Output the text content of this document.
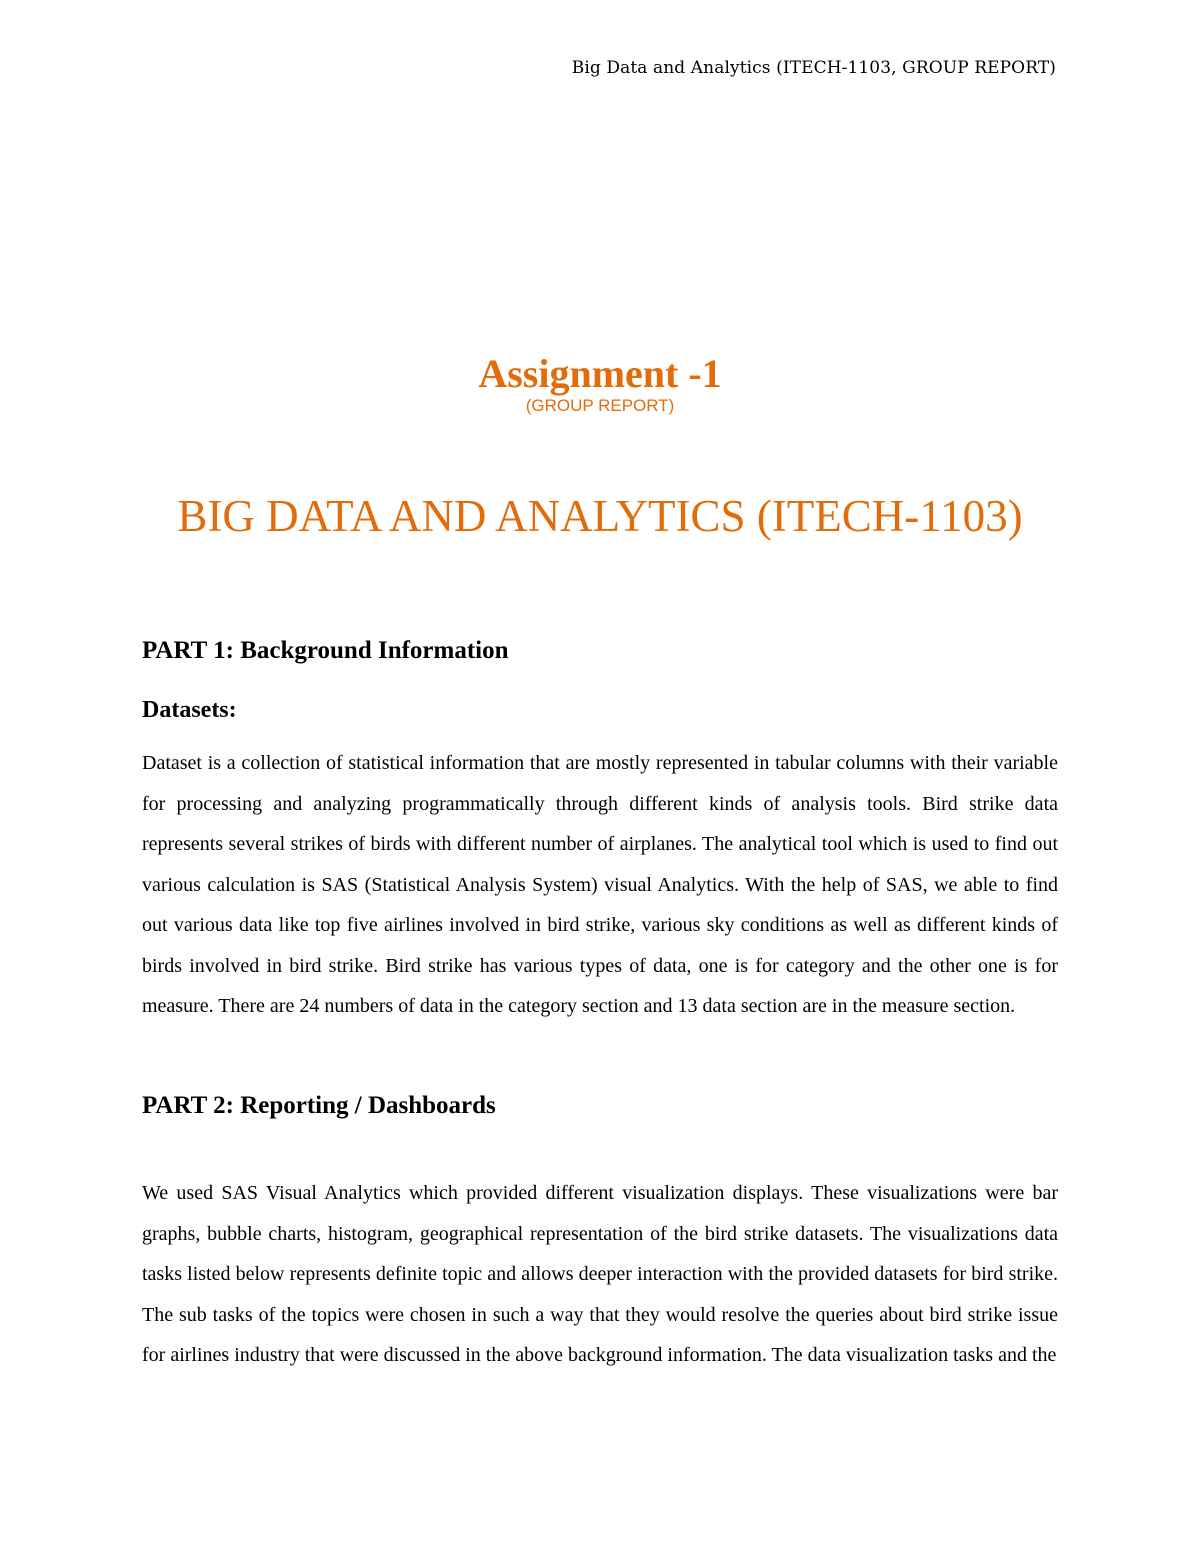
Big Data and Analytics (ITECH-1103, GROUP REPORT)
Assignment -1
(GROUP REPORT)
BIG DATA AND ANALYTICS (ITECH-1103)
PART 1: Background Information
Datasets:

Dataset is a collection of statistical information that are mostly represented in tabular columns with their variable for processing and analyzing programmatically through different kinds of analysis tools. Bird strike data represents several strikes of birds with different number of airplanes. The analytical tool which is used to find out various calculation is SAS (Statistical Analysis System) visual Analytics. With the help of SAS, we able to find out various data like top five airlines involved in bird strike, various sky conditions as well as different kinds of birds involved in bird strike. Bird strike has various types of data, one is for category and the other one is for measure. There are 24 numbers of data in the category section and 13 data section are in the measure section.

PART 2: Reporting / Dashboards

We used SAS Visual Analytics which provided different visualization displays. These visualizations were bar graphs, bubble charts, histogram, geographical representation of the bird strike datasets. The visualizations data tasks listed below represents definite topic and allows deeper interaction with the provided datasets for bird strike. The sub tasks of the topics were chosen in such a way that they would resolve the queries about bird strike issue for airlines industry that were discussed in the above background information. The data visualization tasks and the
